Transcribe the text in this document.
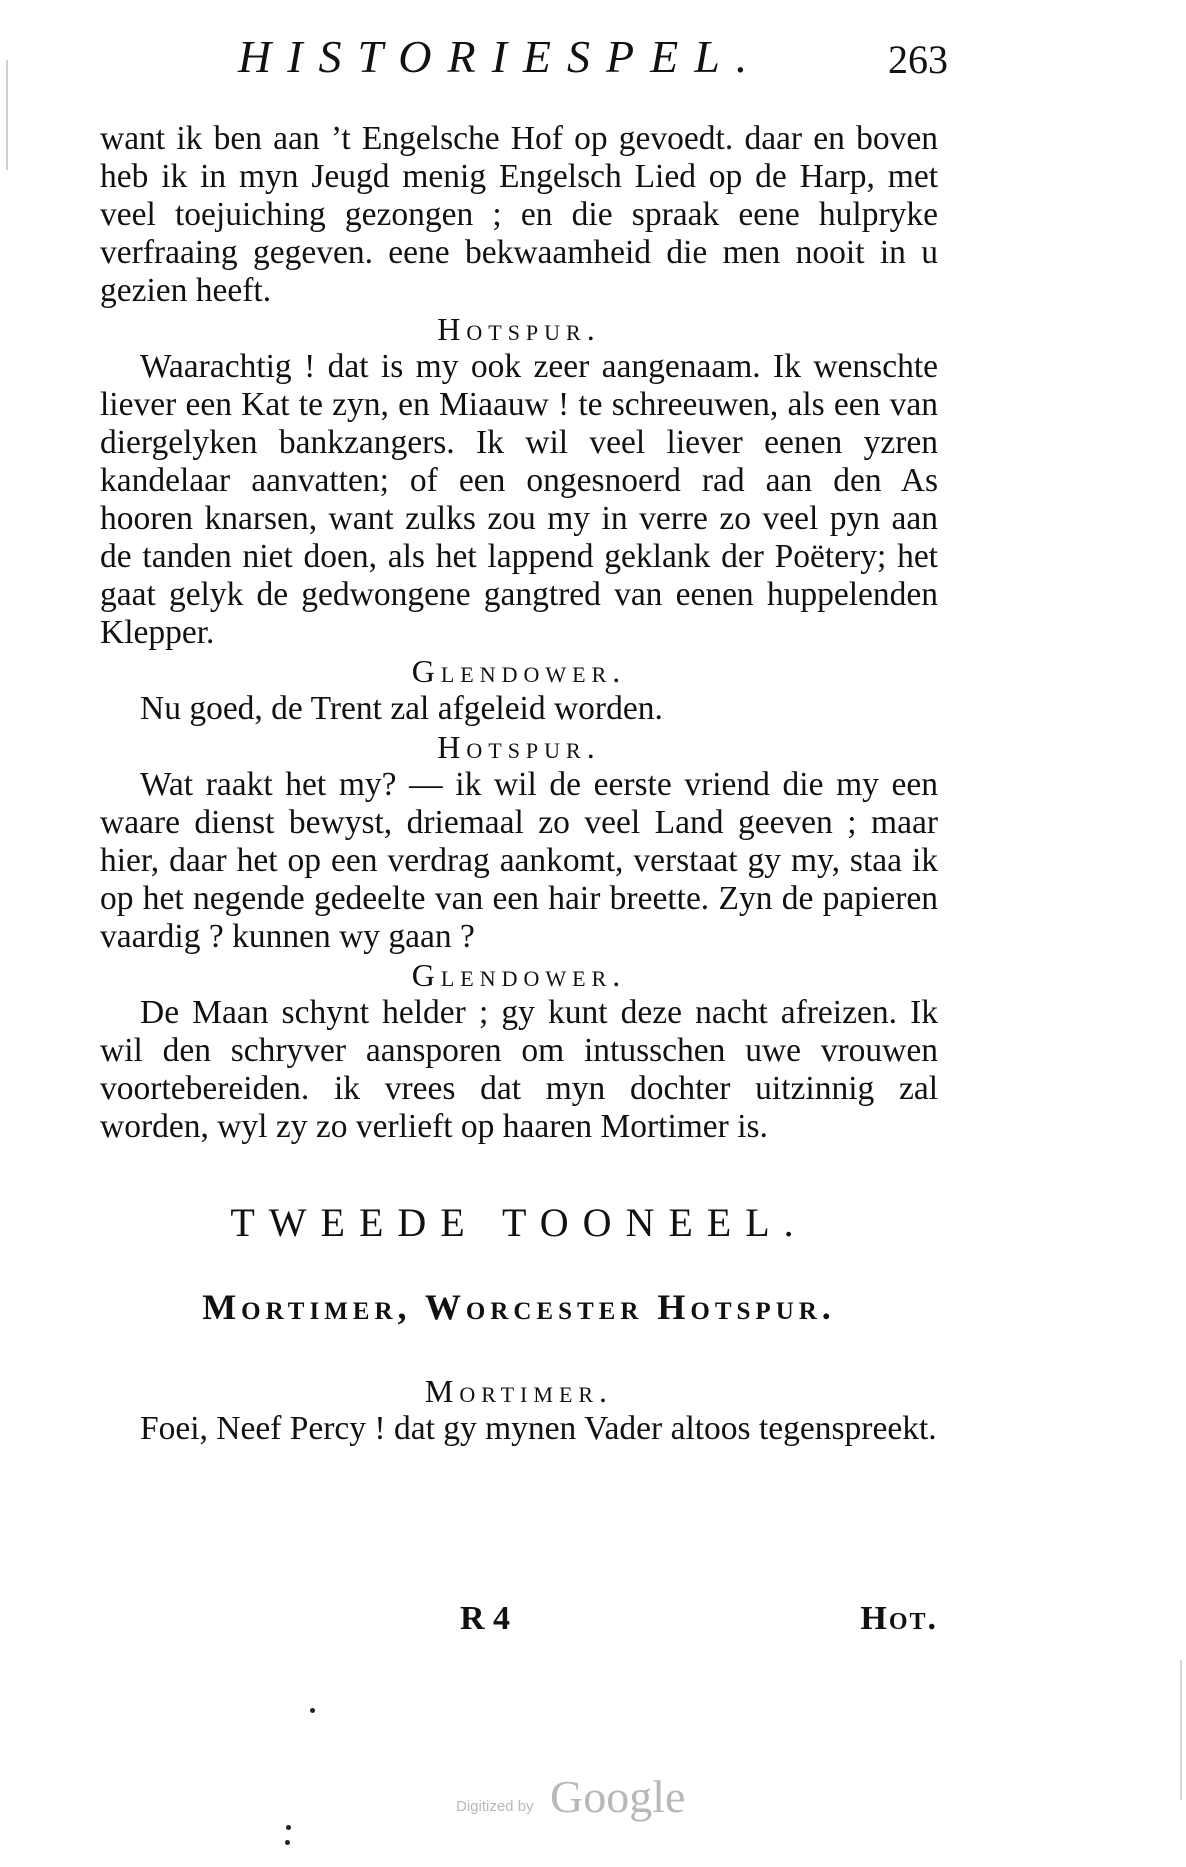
HISTORIESPEL.	263

want ik ben aan ’t Engelsche Hof op gevoedt. daar en boven heb ik in myn Jeugd menig Engelsch Lied op de Harp, met veel toejuiching gezongen ; en die spraak eene hulpryke verfraaing gegeven. eene bekwaamheid die men nooit in u gezien heeft.

Hotspur.

Waarachtig ! dat is my ook zeer aangenaam. Ik wenschte liever een Kat te zyn, en Miaauw ! te schreeuwen, als een van diergelyken bankzangers. Ik wil veel liever eenen yzren kandelaar aanvatten; of een ongesnoerd rad aan den As hooren knarsen, want zulks zou my in verre zo veel pyn aan de tanden niet doen, als het lappend geklank der Poëtery; het gaat gelyk de gedwongene gangtred van eenen huppelenden Klepper.

Glendower.

Nu goed, de Trent zal afgeleid worden.

Hotspur.

Wat raakt het my? — ik wil de eerste vriend die my een waare dienst bewyst, driemaal zo veel Land geeven ; maar hier, daar het op een verdrag aankomt, verstaat gy my, staa ik op het negende gedeelte van een hair breette. Zyn de papieren vaardig ? kunnen wy gaan ?

Glendower.

De Maan schynt helder ; gy kunt deze nacht afreizen. Ik wil den schryver aansporen om intusschen uwe vrouwen voortebereiden. ik vrees dat myn dochter uitzinnig zal worden, wyl zy zo verlieft op haaren Mortimer is.

TWEEDE TOONEEL.
Mortimer, Worcester Hotspur.

Mortimer.

Foei, Neef Percy ! dat gy mynen Vader altoos tegenspreekt.

R 4	Hot.
Digitized by Google
